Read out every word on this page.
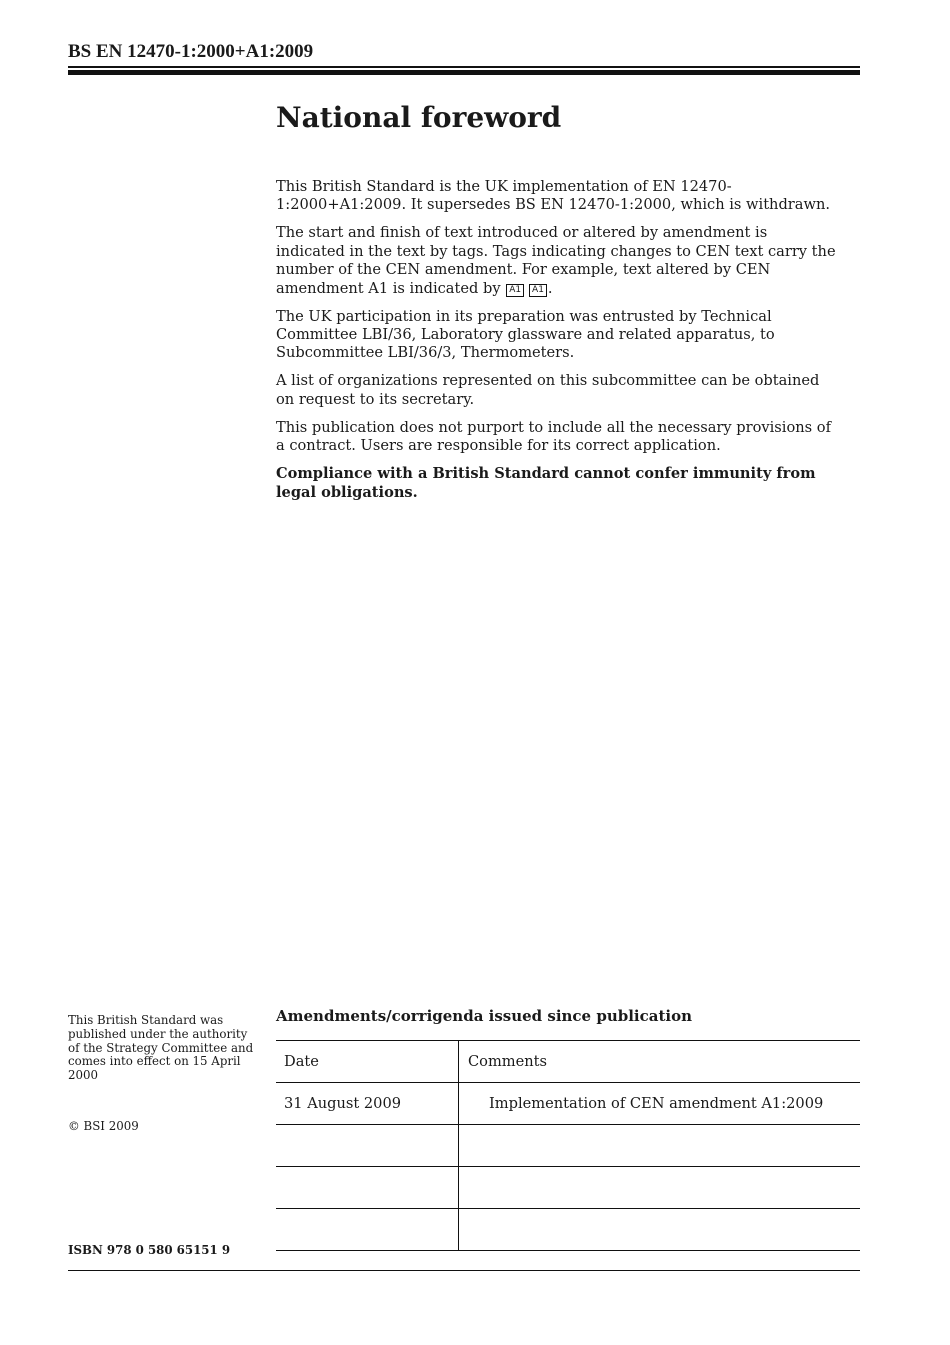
BS EN 12470-1:2000+A1:2009
National foreword

This British Standard is the UK implementation of EN 12470-1:2000+A1:2009. It supersedes BS EN 12470-1:2000, which is withdrawn.

The start and finish of text introduced or altered by amendment is indicated in the text by tags. Tags indicating changes to CEN text carry the number of the CEN amendment. For example, text altered by CEN amendment A1 is indicated by A1  A1 .

The UK participation in its preparation was entrusted by Technical Committee LBI/36, Laboratory glassware and related apparatus, to Subcommittee LBI/36/3, Thermometers.

A list of organizations represented on this subcommittee can be obtained on request to its secretary.

This publication does not purport to include all the necessary provisions of a contract. Users are responsible for its correct application.

Compliance with a British Standard cannot confer immunity from legal obligations.

This British Standard was published under the authority of the Strategy Committee and comes into effect on 15 April 2000
© BSI 2009
ISBN 978 0 580 65151 9
Amendments/corrigenda issued since publication
Date	Comments
31 August 2009	Implementation of CEN amendment A1:2009
